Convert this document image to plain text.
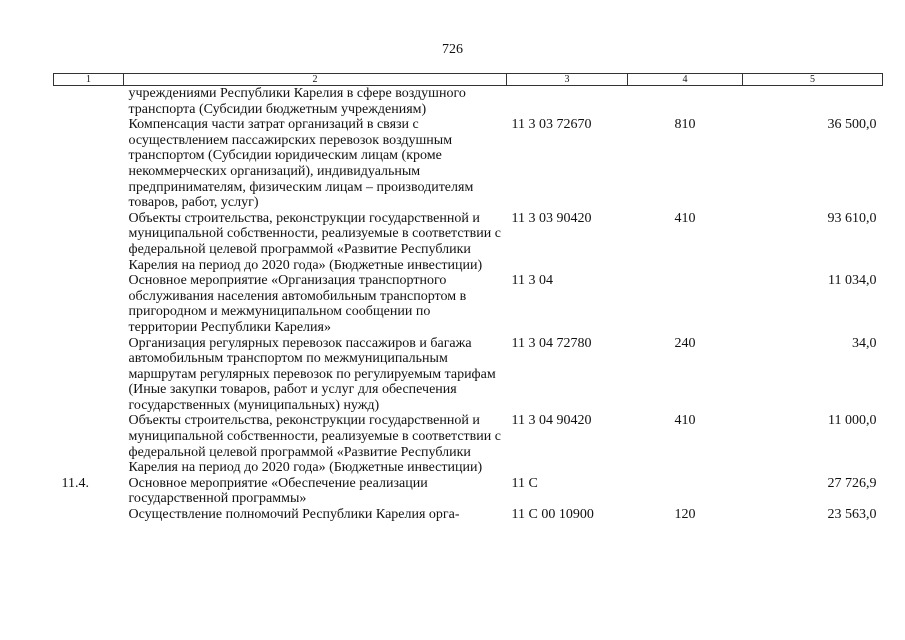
726
1	2	3	4	5
	учреждениями Республики Карелия в сфере воздушного транспорта (Субсидии бюджетным учреждениям)			
	Компенсация части затрат организаций в связи с осуществлением пассажирских перевозок воздушным транспортом (Субсидии юридическим лицам (кроме некоммерческих организаций), индивидуальным предпринимателям, физическим лицам – производителям товаров, работ, услуг)	11 3 03 72670	810	36 500,0
	Объекты строительства, реконструкции государственной и муниципальной собственности, реализуемые в соответствии с федеральной целевой программой «Развитие Республики Карелия на период до 2020 года» (Бюджетные инвестиции)	11 3 03 90420	410	93 610,0
	Основное мероприятие «Организация транспортного обслуживания населения автомобильным транспортом в пригородном и межмуниципальном сообщении по территории Республики Карелия»	11 3 04		11 034,0
	Организация регулярных перевозок пассажиров и багажа автомобильным транспортом по межмуниципальным маршрутам регулярных перевозок по регулируемым тарифам (Иные закупки товаров, работ и услуг для обеспечения государственных (муниципальных) нужд)	11 3 04 72780	240	34,0
	Объекты строительства, реконструкции государственной и муниципальной собственности, реализуемые в соответствии с федеральной целевой программой «Развитие Республики Карелия на период до 2020 года» (Бюджетные инвестиции)	11 3 04 90420	410	11 000,0
11.4.	Основное мероприятие «Обеспечение реализации государственной программы»	11 С		27 726,9
	Осуществление полномочий Республики Карелия орга-	11 С 00 10900	120	23 563,0
